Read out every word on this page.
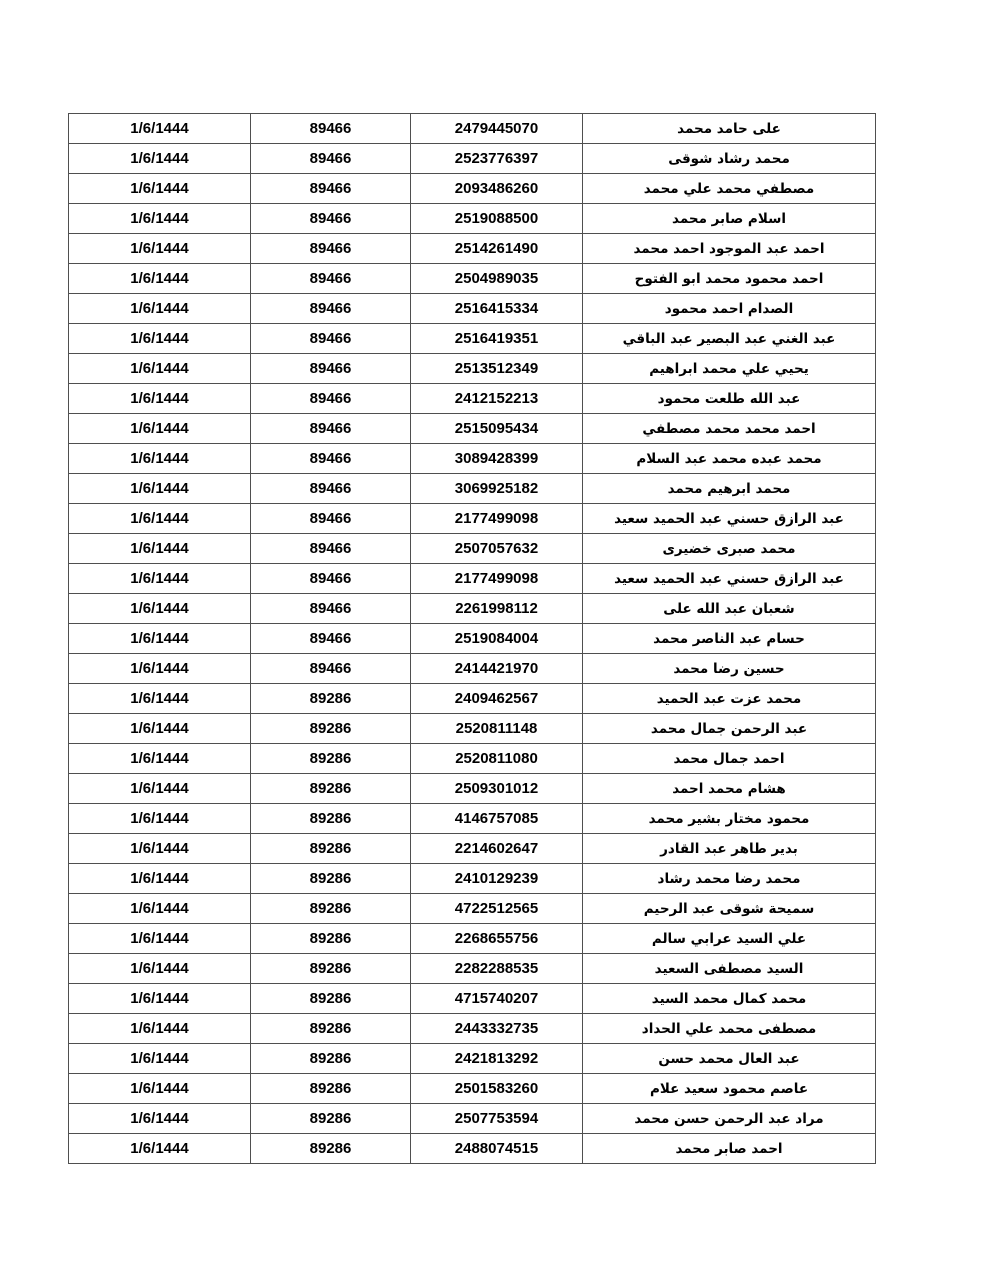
1/6/1444	89466	2479445070	على حامد محمد
1/6/1444	89466	2523776397	محمد رشاد شوقى
1/6/1444	89466	2093486260	مصطفي محمد علي محمد
1/6/1444	89466	2519088500	اسلام صابر محمد
1/6/1444	89466	2514261490	احمد عبد الموجود احمد محمد
1/6/1444	89466	2504989035	احمد محمود محمد ابو الفتوح
1/6/1444	89466	2516415334	الصدام احمد محمود
1/6/1444	89466	2516419351	عبد الغني عبد البصير عبد الباقي
1/6/1444	89466	2513512349	يحيي علي محمد ابراهيم
1/6/1444	89466	2412152213	عبد الله طلعت محمود
1/6/1444	89466	2515095434	احمد محمد محمد مصطفي
1/6/1444	89466	3089428399	محمد عبده محمد عبد السلام
1/6/1444	89466	3069925182	محمد ابرهيم محمد
1/6/1444	89466	2177499098	عبد الرازق حسني عبد الحميد سعيد
1/6/1444	89466	2507057632	محمد صبرى خضيرى
1/6/1444	89466	2177499098	عبد الرازق حسني عبد الحميد سعيد
1/6/1444	89466	2261998112	شعبان عبد الله على
1/6/1444	89466	2519084004	حسام عبد الناصر محمد
1/6/1444	89466	2414421970	حسين رضا محمد
1/6/1444	89286	2409462567	محمد عزت عبد الحميد
1/6/1444	89286	2520811148	عبد الرحمن جمال محمد
1/6/1444	89286	2520811080	احمد جمال محمد
1/6/1444	89286	2509301012	هشام محمد احمد
1/6/1444	89286	4146757085	محمود مختار بشير محمد
1/6/1444	89286	2214602647	بدير طاهر عبد القادر
1/6/1444	89286	2410129239	محمد رضا محمد رشاد
1/6/1444	89286	4722512565	سميحة شوقى عبد الرحيم
1/6/1444	89286	2268655756	علي السيد عرابي سالم
1/6/1444	89286	2282288535	السيد مصطفى السعيد
1/6/1444	89286	4715740207	محمد كمال محمد السيد
1/6/1444	89286	2443332735	مصطفى محمد علي الحداد
1/6/1444	89286	2421813292	عبد العال محمد حسن
1/6/1444	89286	2501583260	عاصم محمود سعيد علام
1/6/1444	89286	2507753594	مراد عبد الرحمن حسن محمد
1/6/1444	89286	2488074515	احمد صابر محمد
